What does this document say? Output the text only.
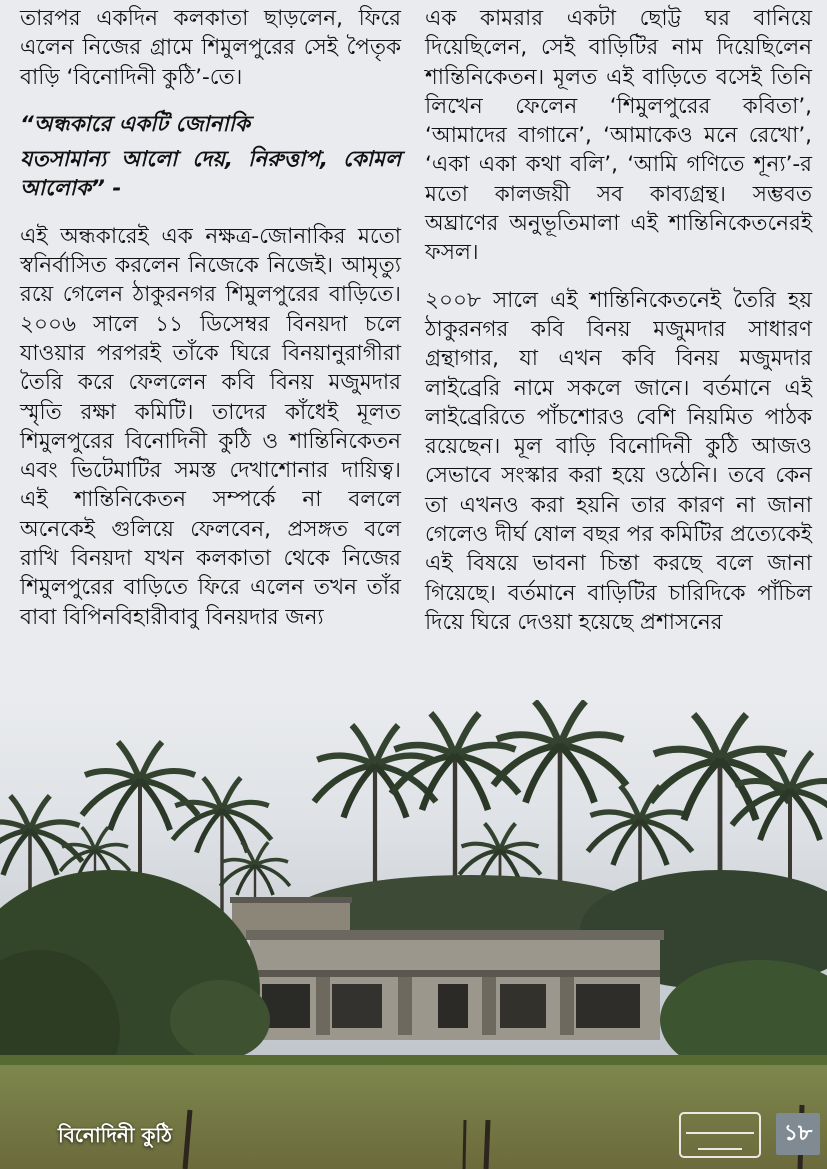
তারপর একদিন কলকাতা ছাড়লেন, ফিরে এলেন নিজের গ্রামে শিমুলপুরের সেই পৈতৃক বাড়ি ‘বিনোদিনী কুঠি’-তে।

“অন্ধকারে একটি জোনাকি

যতসামান্য আলো দেয়, নিরুত্তাপ, কোমল আলোক” -

এই অন্ধকারেই এক নক্ষত্র-জোনাকির মতো স্বনির্বাসিত করলেন নিজেকে নিজেই। আমৃত্যু রয়ে গেলেন ঠাকুরনগর শিমুলপুরের বাড়িতে। ২০০৬ সালে ১১ ডিসেম্বর বিনয়দা চলে যাওয়ার পরপরই তাঁকে ঘিরে বিনয়ানুরাগীরা তৈরি করে ফেললেন কবি বিনয় মজুমদার স্মৃতি রক্ষা কমিটি। তাদের কাঁধেই মূলত শিমুলপুরের বিনোদিনী কুঠি ও শান্তিনিকেতন এবং ভিটেমাটির সমস্ত দেখাশোনার দায়িত্ব। এই শান্তিনিকেতন সম্পর্কে না বললে অনেকেই গুলিয়ে ফেলবেন, প্রসঙ্গত বলে রাখি বিনয়দা যখন কলকাতা থেকে নিজের শিমুলপুরের বাড়িতে ফিরে এলেন তখন তাঁর বাবা বিপিনবিহারীবাবু বিনয়দার জন্য

এক কামরার একটা ছোট্ট ঘর বানিয়ে দিয়েছিলেন, সেই বাড়িটির নাম দিয়েছিলেন শান্তিনিকেতন। মূলত এই বাড়িতে বসেই তিনি লিখেন ফেলেন ‘শিমুলপুরের কবিতা’, ‘আমাদের বাগানে’, ‘আমাকেও মনে রেখো’, ‘একা একা কথা বলি’, ‘আমি গণিতে শূন্য’-র মতো কালজয়ী সব কাব্যগ্রন্থ। সম্ভবত অঘ্রাণের অনুভূতিমালা এই শান্তিনিকেতনেরই ফসল।

২০০৮ সালে এই শান্তিনিকেতনেই তৈরি হয় ঠাকুরনগর কবি বিনয় মজুমদার সাধারণ গ্রন্থাগার, যা এখন কবি বিনয় মজুমদার লাইব্রেরি নামে সকলে জানে। বর্তমানে এই লাইব্রেরিতে পাঁচশোরও বেশি নিয়মিত পাঠক রয়েছেন। মূল বাড়ি বিনোদিনী কুঠি আজও সেভাবে সংস্কার করা হয়ে ওঠেনি। তবে কেন তা এখনও করা হয়নি তার কারণ না জানা গেলেও দীর্ঘ ষোল বছর পর কমিটির প্রত্যেকেই এই বিষয়ে ভাবনা চিন্তা করছে বলে জানা গিয়েছে। বর্তমানে বাড়িটির চারিদিকে পাঁচিল দিয়ে ঘিরে দেওয়া হয়েছে প্রশাসনের

বিনোদিনী কুঠি	১৮
